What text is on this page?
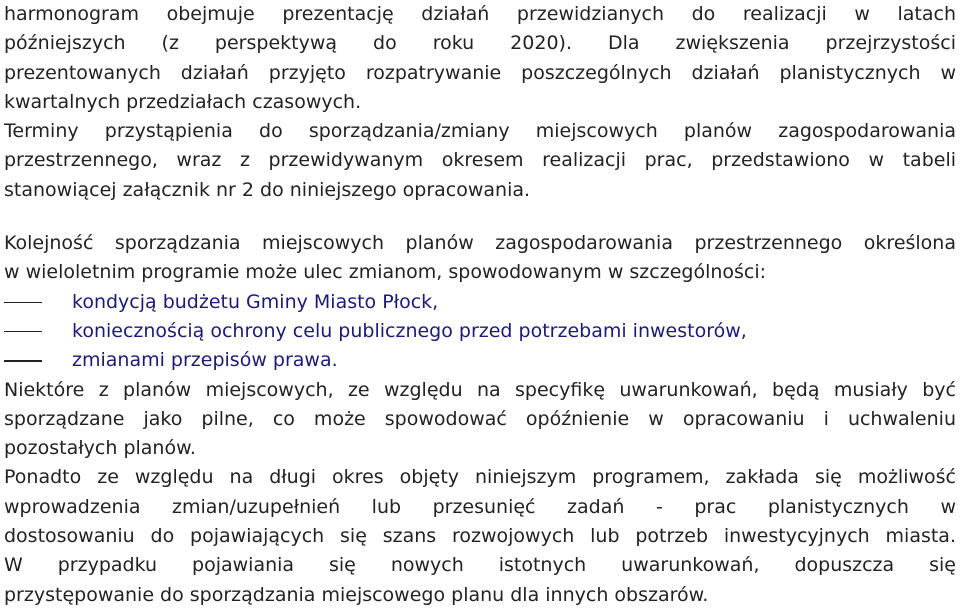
harmonogram obejmuje prezentację działań przewidzianych do realizacji w latach
późniejszych (z perspektywą do roku 2020). Dla zwiększenia przejrzystości
prezentowanych działań przyjęto rozpatrywanie poszczególnych działań planistycznych w
kwartalnych przedziałach czasowych.
Terminy przystąpienia do sporządzania/zmiany miejscowych planów zagospodarowania
przestrzennego, wraz z przewidywanym okresem realizacji prac, przedstawiono w tabeli
stanowiącej załącznik nr 2 do niniejszego opracowania.
Kolejność sporządzania miejscowych planów zagospodarowania przestrzennego określona
w wieloletnim programie może ulec zmianom, spowodowanym w szczególności:
kondycją budżetu Gminy Miasto Płock,
koniecznością ochrony celu publicznego przed potrzebami inwestorów,
zmianami przepisów prawa.
Niektóre z planów miejscowych, ze względu na specyfikę uwarunkowań, będą musiały być
sporządzane jako pilne, co może spowodować opóźnienie w opracowaniu i uchwaleniu
pozostałych planów.
Ponadto ze względu na długi okres objęty niniejszym programem, zakłada się możliwość
wprowadzenia zmian/uzupełnień lub przesunięć zadań - prac planistycznych w
dostosowaniu do pojawiających się szans rozwojowych lub potrzeb inwestycyjnych miasta.
W przypadku pojawiania się nowych istotnych uwarunkowań, dopuszcza się
przystępowanie do sporządzania miejscowego planu dla innych obszarów.
